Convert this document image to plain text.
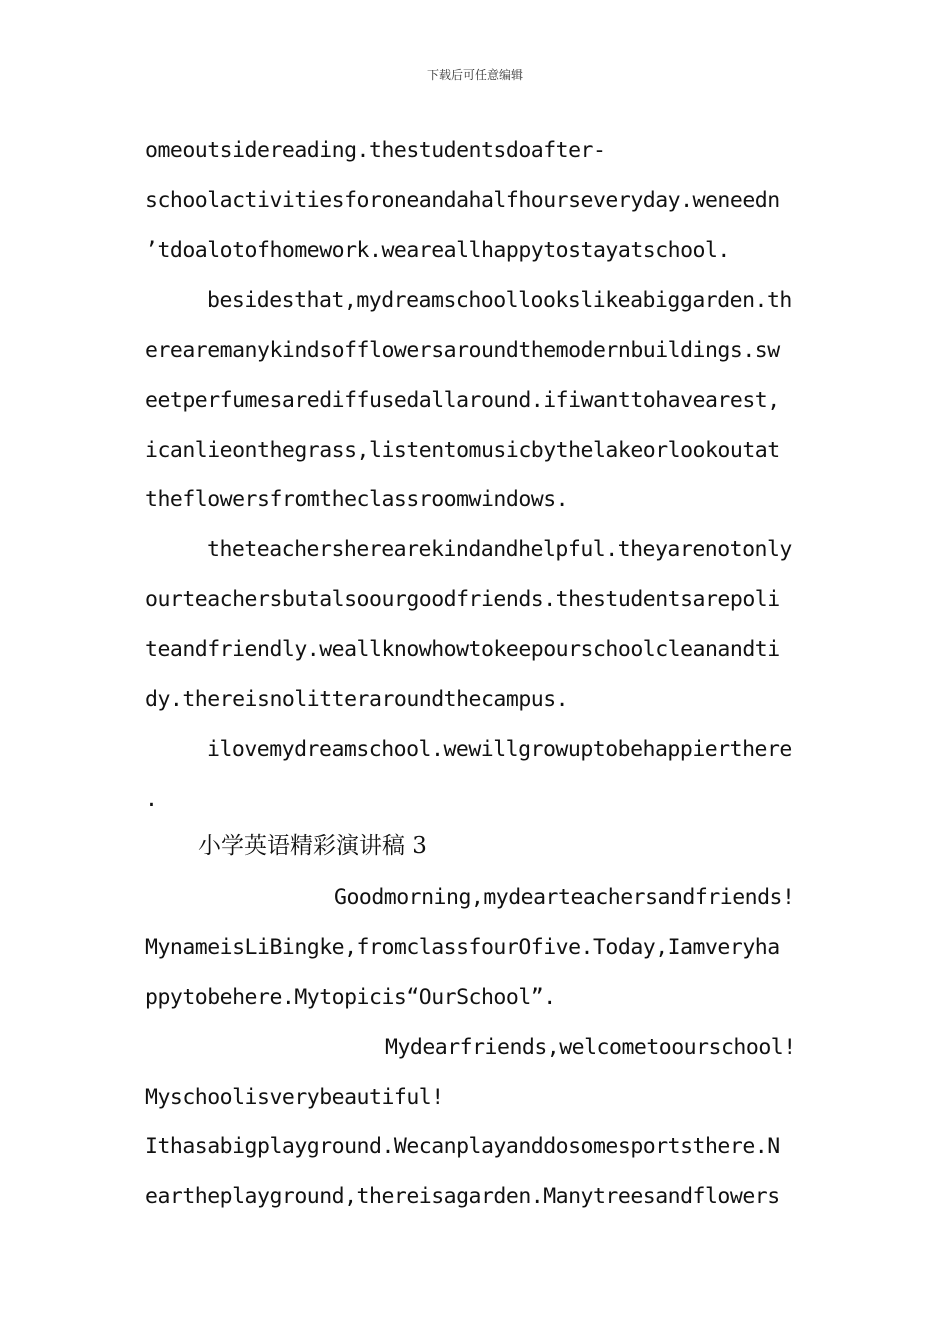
下载后可任意编辑
omeoutsidereading.thestudentsdoafter-
schoolactivitiesforoneandahalfhourseveryday.weneedn
’tdoalotofhomework.weareallhappytostayatschool.
besidesthat,mydreamschoollookslikeabiggarden.th
erearemanykindsofflowersaroundthemodernbuildings.sw
eetperfumesarediffusedallaround.ifiwanttohavearest,
icanlieonthegrass,listentomusicbythelakeorlookoutat
theflowersfromtheclassroomwindows.
theteachersherearekindandhelpful.theyarenotonly
ourteachersbutalsoourgoodfriends.thestudentsarepoli
teandfriendly.weallknowhowtokeepourschoolcleanandti
dy.thereisnolitteraroundthecampus.
ilovemydreamschool.wewillgrowuptobehappierthere
.
小学英语精彩演讲稿 3
Goodmorning,mydearteachersandfriends!
MynameisLiBingke,fromclassfourOfive.Today,Iamveryha
ppytobehere.Mytopicis“OurSchool”.
Mydearfriends,welcometoourschool!
Myschoolisverybeautiful!
Ithasabigplayground.Wecanplayanddosomesportsthere.N
eartheplayground,thereisagarden.Manytreesandflowers
